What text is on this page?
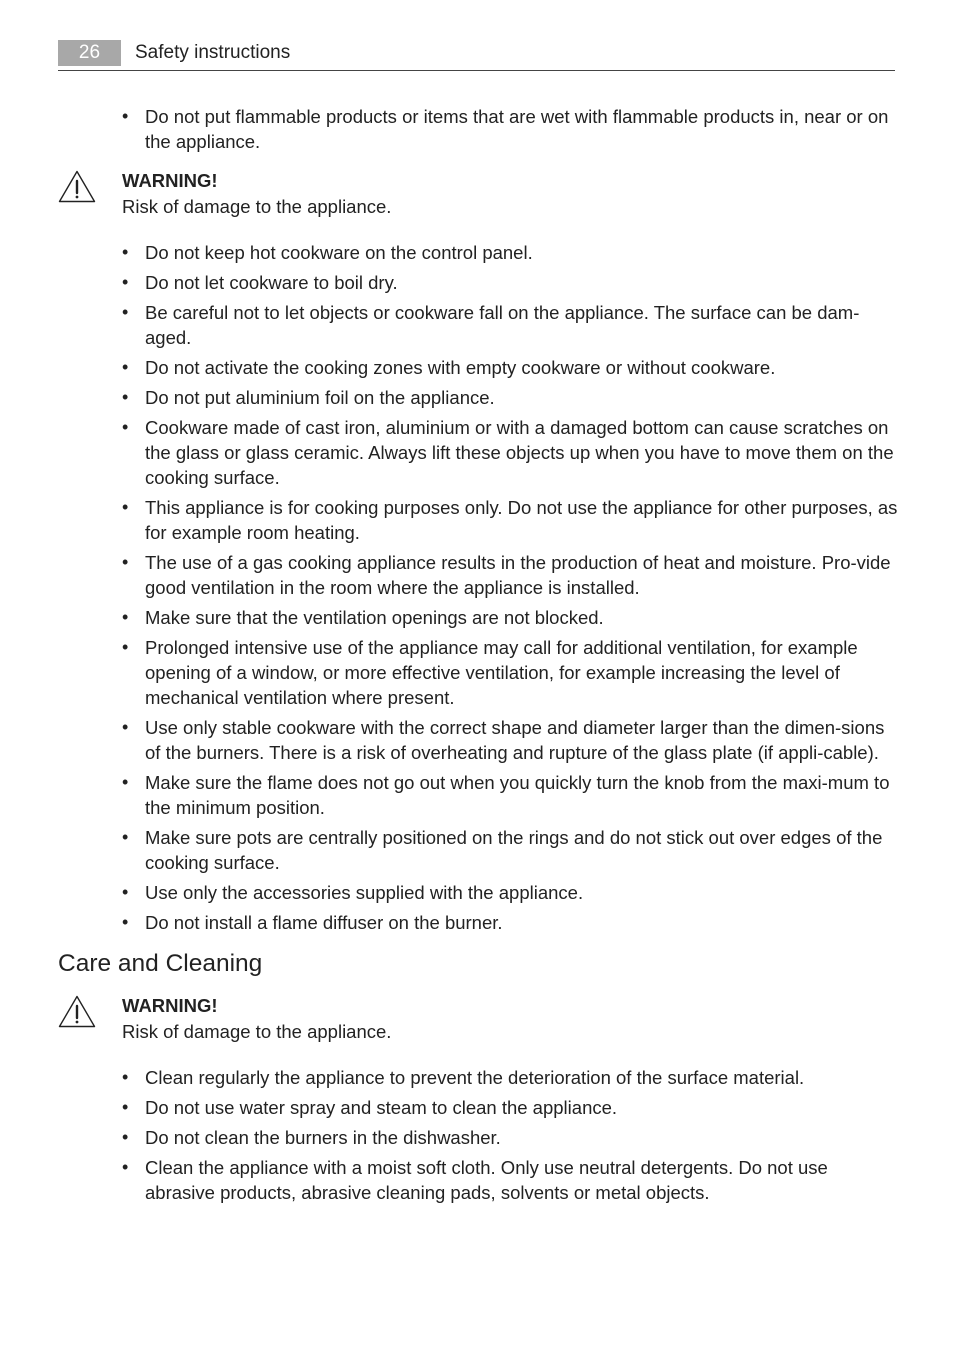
26	Safety instructions
• Do not put flammable products or items that are wet with flammable products in, near or on the appliance.
WARNING!
Risk of damage to the appliance.
• Do not keep hot cookware on the control panel.
• Do not let cookware to boil dry.
• Be careful not to let objects or cookware fall on the appliance. The surface can be dam-aged.
• Do not activate the cooking zones with empty cookware or without cookware.
• Do not put aluminium foil on the appliance.
• Cookware made of cast iron, aluminium or with a damaged bottom can cause scratches on the glass or glass ceramic. Always lift these objects up when you have to move them on the cooking surface.
• This appliance is for cooking purposes only. Do not use the appliance for other purposes, as for example room heating.
• The use of a gas cooking appliance results in the production of heat and moisture. Pro-vide good ventilation in the room where the appliance is installed.
• Make sure that the ventilation openings are not blocked.
• Prolonged intensive use of the appliance may call for additional ventilation, for example opening of a window, or more effective ventilation, for example increasing the level of mechanical ventilation where present.
• Use only stable cookware with the correct shape and diameter larger than the dimen-sions of the burners. There is a risk of overheating and rupture of the glass plate (if appli-cable).
• Make sure the flame does not go out when you quickly turn the knob from the maxi-mum to the minimum position.
• Make sure pots are centrally positioned on the rings and do not stick out over edges of the cooking surface.
• Use only the accessories supplied with the appliance.
• Do not install a flame diffuser on the burner.
Care and Cleaning
WARNING!
Risk of damage to the appliance.
• Clean regularly the appliance to prevent the deterioration of the surface material.
• Do not use water spray and steam to clean the appliance.
• Do not clean the burners in the dishwasher.
• Clean the appliance with a moist soft cloth. Only use neutral detergents. Do not use abrasive products, abrasive cleaning pads, solvents or metal objects.
